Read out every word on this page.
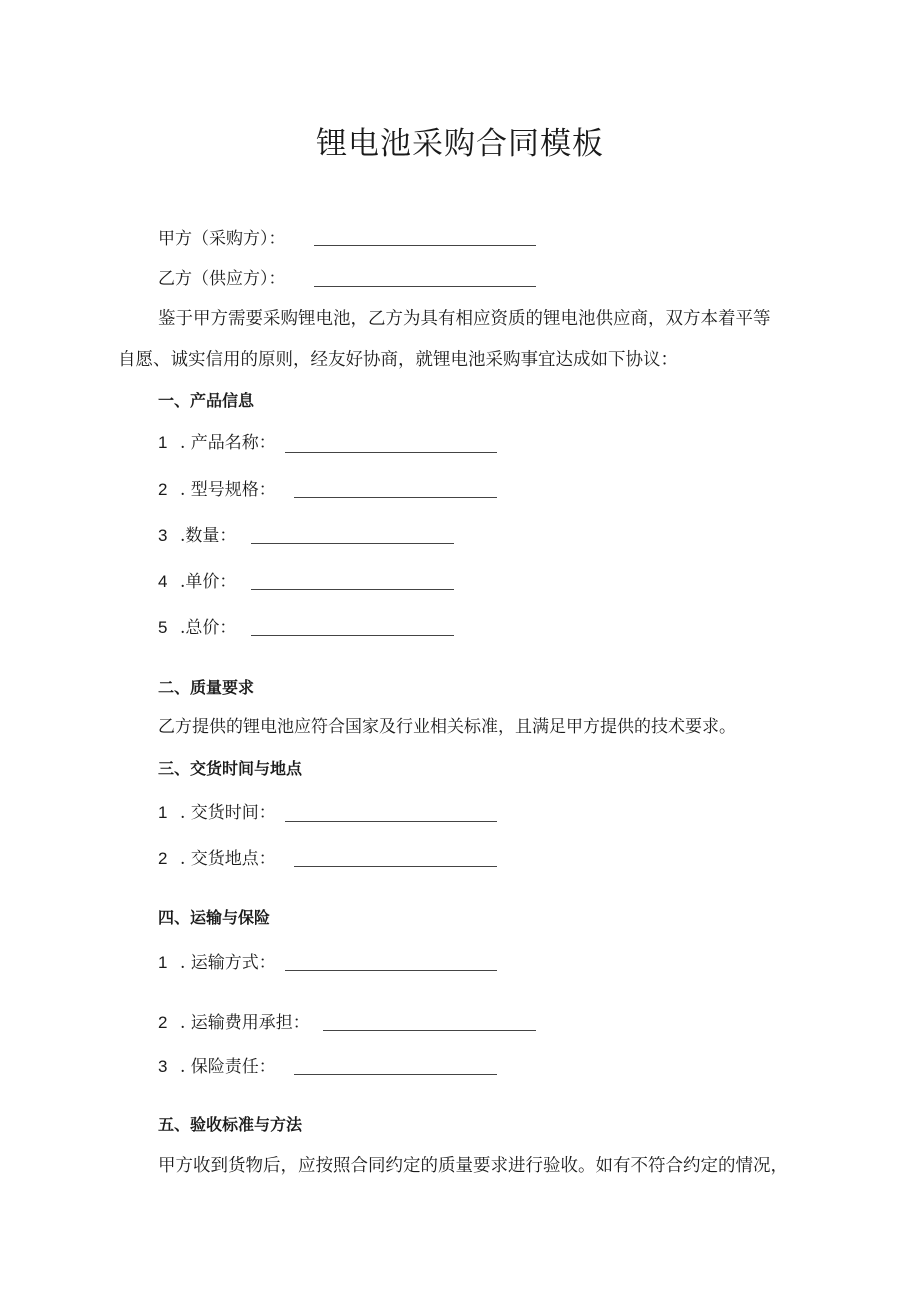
锂电池采购合同模板
甲方（采购方）：
乙方（供应方）：
鉴于甲方需要采购锂电池，乙方为具有相应资质的锂电池供应商，双方本着平等
自愿、诚实信用的原则，经友好协商，就锂电池采购事宜达成如下协议：
一、产品信息
1 . 产品名称：
2 . 型号规格：
3 .数量：
4 .单价：
5 .总价：
二、质量要求
乙方提供的锂电池应符合国家及行业相关标准，且满足甲方提供的技术要求。
三、交货时间与地点
1 . 交货时间：
2 . 交货地点：
四、运输与保险
1 . 运输方式：
2 . 运输费用承担：
3 . 保险责任：
五、验收标准与方法
甲方收到货物后，应按照合同约定的质量要求进行验收。如有不符合约定的情况，
